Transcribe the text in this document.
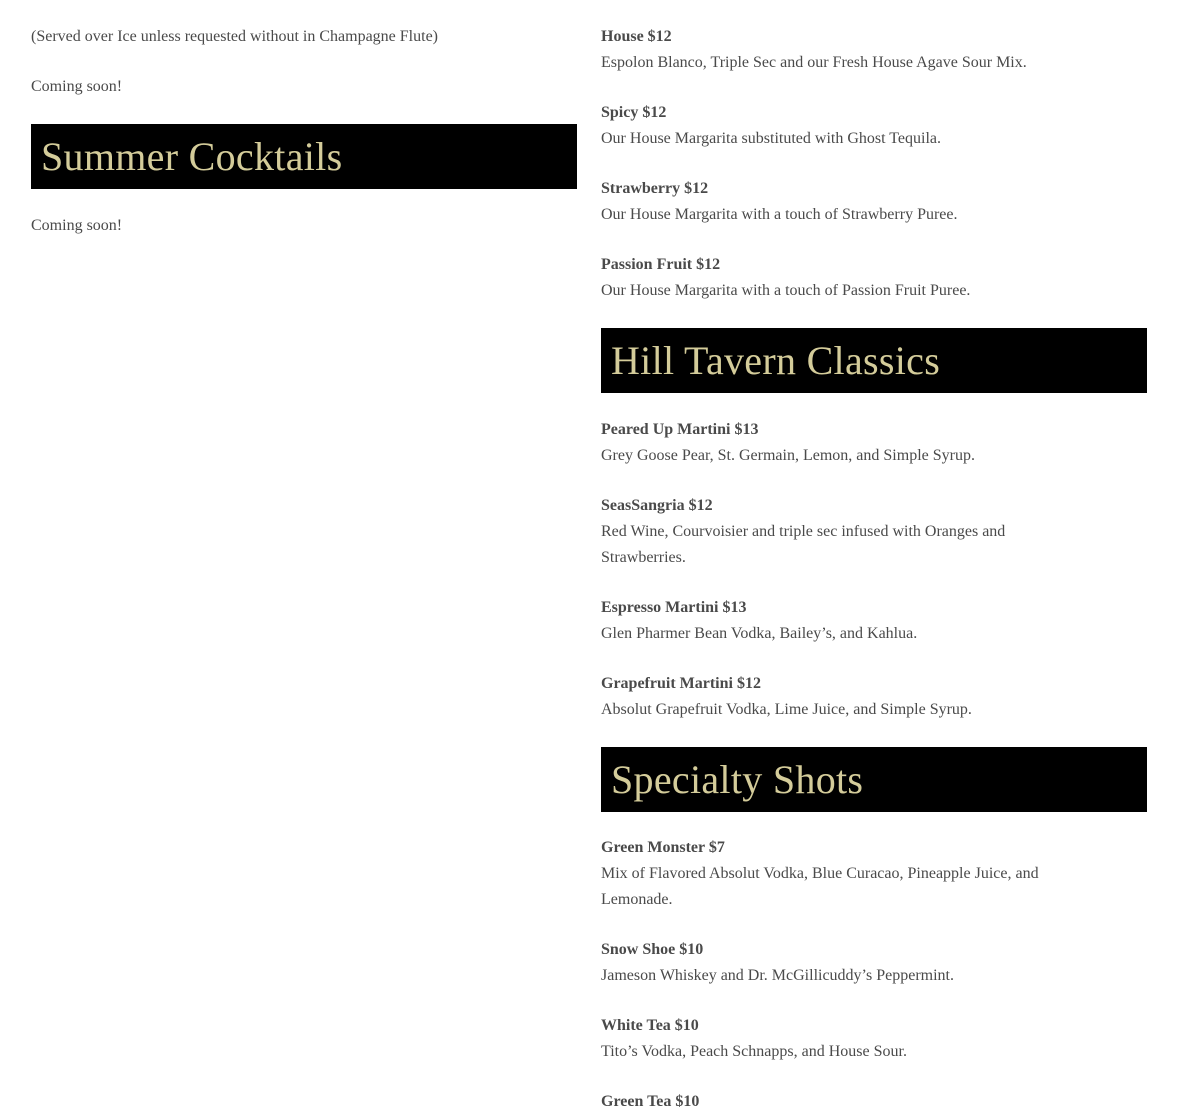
(Served over Ice unless requested without in Champagne Flute)

Coming soon!

Summer Cocktails

Coming soon!

House $12

Espolon Blanco, Triple Sec and our Fresh House Agave Sour Mix.

Spicy $12

Our House Margarita substituted with Ghost Tequila.

Strawberry $12

Our House Margarita with a touch of Strawberry Puree.

Passion Fruit $12

Our House Margarita with a touch of Passion Fruit Puree.

Hill Tavern Classics

Peared Up Martini $13

Grey Goose Pear, St. Germain, Lemon, and Simple Syrup.

SeasSangria $12

Red Wine, Courvoisier and triple sec infused with Oranges and Strawberries.

Espresso Martini $13

Glen Pharmer Bean Vodka, Bailey’s, and Kahlua.

Grapefruit Martini $12

Absolut Grapefruit Vodka, Lime Juice, and Simple Syrup.

Specialty Shots

Green Monster $7

Mix of Flavored Absolut Vodka, Blue Curacao, Pineapple Juice, and Lemonade.

Snow Shoe $10

Jameson Whiskey and Dr. McGillicuddy’s Peppermint.

White Tea $10

Tito’s Vodka, Peach Schnapps, and House Sour.

Green Tea $10
